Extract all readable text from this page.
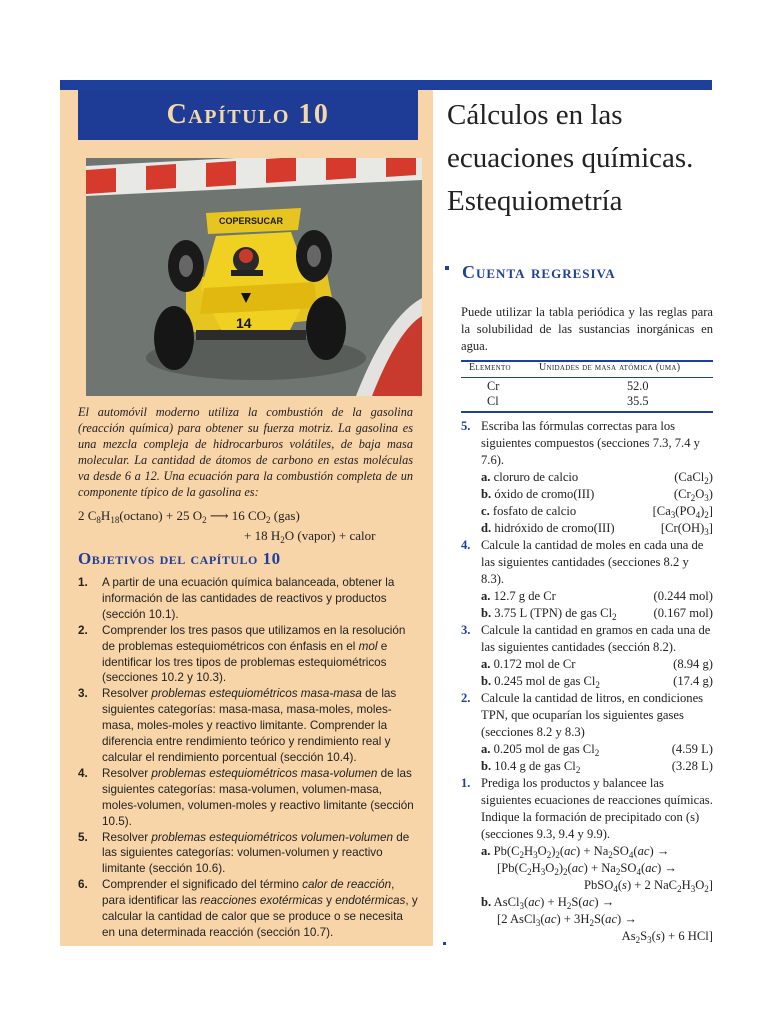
Capítulo 10
COPERSUCAR
14
El automóvil moderno utiliza la combustión de la gasolina (reacción química) para obtener su fuerza motriz. La gasolina es una mezcla compleja de hidrocarburos volátiles, de baja masa molecular. La cantidad de átomos de carbono en estas moléculas va desde 6 a 12. Una ecuación para la combustión completa de un componente típico de la gasolina es:
2 $C_8H_{18}(octano) + 25$ $O_2$ ⟶ 16 $CO_2$ (gas)
+ 18 $H_2O$ (vapor) + calor
Objetivos del capítulo 10
1. A partir de una ecuación química balanceada, obtener la información de las cantidades de reactivos y productos (sección 10.1).
2. Comprender los tres pasos que utilizamos en la resolución de problemas estequiométricos con énfasis en el mol e identificar los tres tipos de problemas estequiométricos (secciones 10.2 y 10.3).
3. Resolver problemas estequiométricos masa-masa de las siguientes categorías: masa-masa, masa-moles, moles-masa, moles-moles y reactivo limitante. Comprender la diferencia entre rendimiento teórico y rendimiento real y calcular el rendimiento porcentual (sección 10.4).
4. Resolver problemas estequiométricos masa-volumen de las siguientes categorías: masa-volumen, volumen-masa, moles-volumen, volumen-moles y reactivo limitante (sección 10.5).
5. Resolver problemas estequiométricos volumen-volumen de las siguientes categorías: volumen-volumen y reactivo limitante (sección 10.6).
6. Comprender el significado del término calor de reacción, para identificar las reacciones exotérmicas y endotérmicas, y calcular la cantidad de calor que se produce o se necesita en una determinada reacción (sección 10.7).
Cálculos en las
ecuaciones químicas.
Estequiometría
Cuenta regresiva
Puede utilizar la tabla periódica y las reglas para la solubilidad de las sustancias inorgánicas en agua.
Elemento	Unidades de masa atómica (uma)
Cr	52.0
Cl	35.5
5. Escriba las fórmulas correctas para los siguientes compuestos (secciones 7.3, 7.4 y 7.6).
a. cloruro de calcio	(CaCl$_2$)
b. óxido de cromo(III)	$(Cr_2O_3)$
c. fosfato de calcio	$[Ca_3(PO_4)_2]$
d. hidróxido de cromo(III)	$[Cr(OH)_3]$
4. Calcule la cantidad de moles en cada una de las siguientes cantidades (secciones 8.2 y 8.3).
a. 12.7 g de Cr	(0.244 mol)
b. 3.75 L (TPN) de gas $Cl_2$	(0.167 mol)
3. Calcule la cantidad en gramos en cada una de las siguientes cantidades (sección 8.2).
a. 0.172 mol de Cr	(8.94 g)
b. 0.245 mol de gas $Cl_2$	(17.4 g)
2. Calcule la cantidad de litros, en condiciones TPN, que ocuparían los siguientes gases (secciones 8.2 y 8.3)
a. 0.205 mol de gas $Cl_2$	(4.59 L)
b. 10.4 g de gas $Cl_2$	(3.28 L)
1. Prediga los productos y balancee las siguientes ecuaciones de reacciones químicas. Indique la formación de precipitado con (s) (secciones 9.3, 9.4 y 9.9).
a. $Pb(C_2H_3O_2)_2(ac) + Na_2SO_4(ac)$ →
[$Pb(C_2H_3O_2)_2(ac) + Na_2SO_4(ac)$ →
PbSO$_4$(s) + 2 $NaC_2H_3O_2$]
b. AsCl$_3$(ac) + $H_2S(ac)$ →
[2 AsCl$_3$(ac) + $3H_2S(ac)$ →
$As_2S_3(s) + 6$ HCl]
